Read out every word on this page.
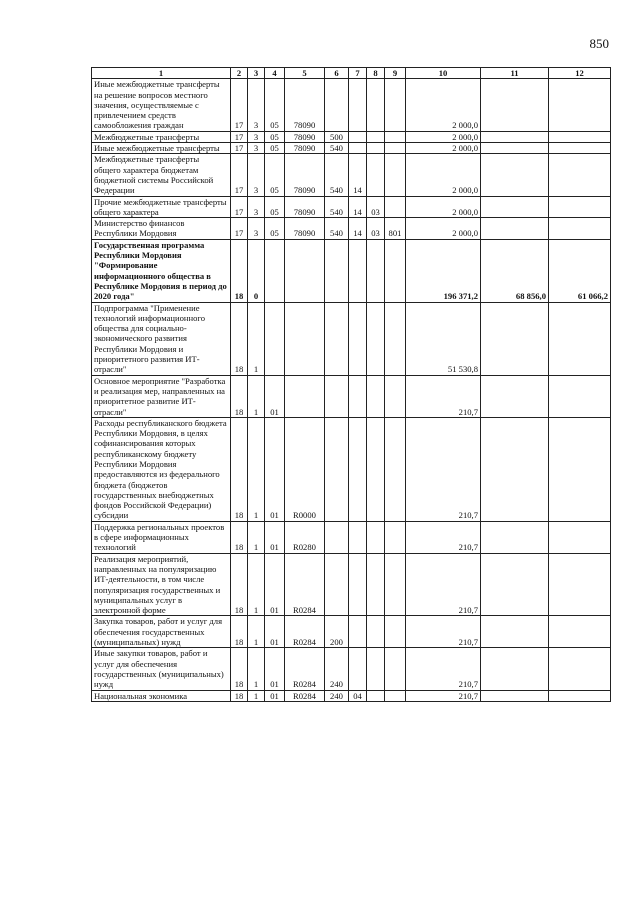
850
1	2	3	4	5	6	7	8	9	10	11	12
Иные межбюджетные трансферты на решение вопросов местного значения, осуществляемые с привлечением средств самообложения граждан	17	3	05	78090					2 000,0		
Межбюджетные трансферты	17	3	05	78090	500				2 000,0		
Иные межбюджетные трансферты	17	3	05	78090	540				2 000,0		
Межбюджетные трансферты общего характера бюджетам бюджетной системы Российской Федерации	17	3	05	78090	540	14			2 000,0		
Прочие межбюджетные трансферты общего характера	17	3	05	78090	540	14	03		2 000,0		
Министерство финансов Республики Мордовия	17	3	05	78090	540	14	03	801	2 000,0		
Государственная программа Республики Мордовия "Формирование информационного общества в Республике Мордовия в период до 2020 года"	18	0							196 371,2	68 856,0	61 066,2
Подпрограмма "Применение технологий информационного общества для социально-экономического развития Республики Мордовия и приоритетного развития ИТ-отрасли"	18	1							51 530,8		
Основное мероприятие "Разработка и реализация мер, направленных на приоритетное развитие ИТ-отрасли"	18	1	01						210,7		
Расходы республиканского бюджета Республики Мордовия, в целях софинансирования которых республиканскому бюджету Республики Мордовия предоставляются из федерального бюджета (бюджетов государственных внебюджетных фондов Российской Федерации) субсидии	18	1	01	R0000					210,7		
Поддержка региональных проектов в сфере информационных технологий	18	1	01	R0280					210,7		
Реализация мероприятий, направленных на популяризацию ИТ-деятельности, в том числе популяризация государственных и муниципальных услуг в электронной форме	18	1	01	R0284					210,7		
Закупка товаров, работ и услуг для обеспечения государственных (муниципальных) нужд	18	1	01	R0284	200				210,7		
Иные закупки товаров, работ и услуг для обеспечения государственных (муниципальных) нужд	18	1	01	R0284	240				210,7		
Национальная экономика	18	1	01	R0284	240	04			210,7		
